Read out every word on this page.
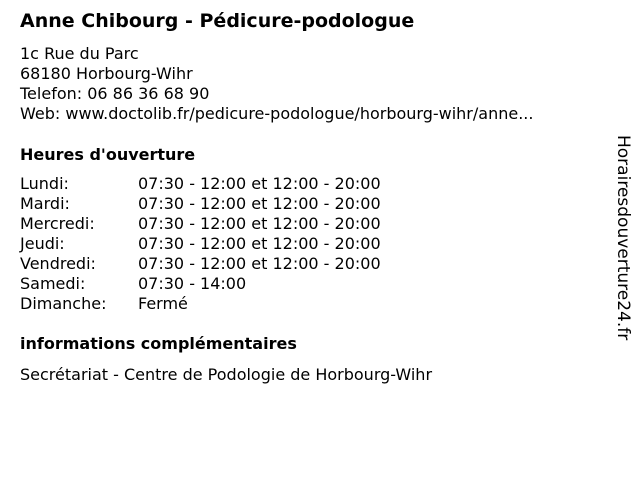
Anne Chibourg - Pédicure-podologue
1c Rue du Parc
68180 Horbourg-Wihr
Telefon: 06 86 36 68 90
Web: www.doctolib.fr/pedicure-podologue/horbourg-wihr/anne...
Heures d'ouverture
Lundi:	07:30 - 12:00 et 12:00 - 20:00
Mardi:	07:30 - 12:00 et 12:00 - 20:00
Mercredi:	07:30 - 12:00 et 12:00 - 20:00
Jeudi:	07:30 - 12:00 et 12:00 - 20:00
Vendredi:	07:30 - 12:00 et 12:00 - 20:00
Samedi:	07:30 - 14:00
Dimanche:	Fermé
informations complémentaires
Secrétariat - Centre de Podologie de Horbourg-Wihr
Horairesdouverture24.fr
